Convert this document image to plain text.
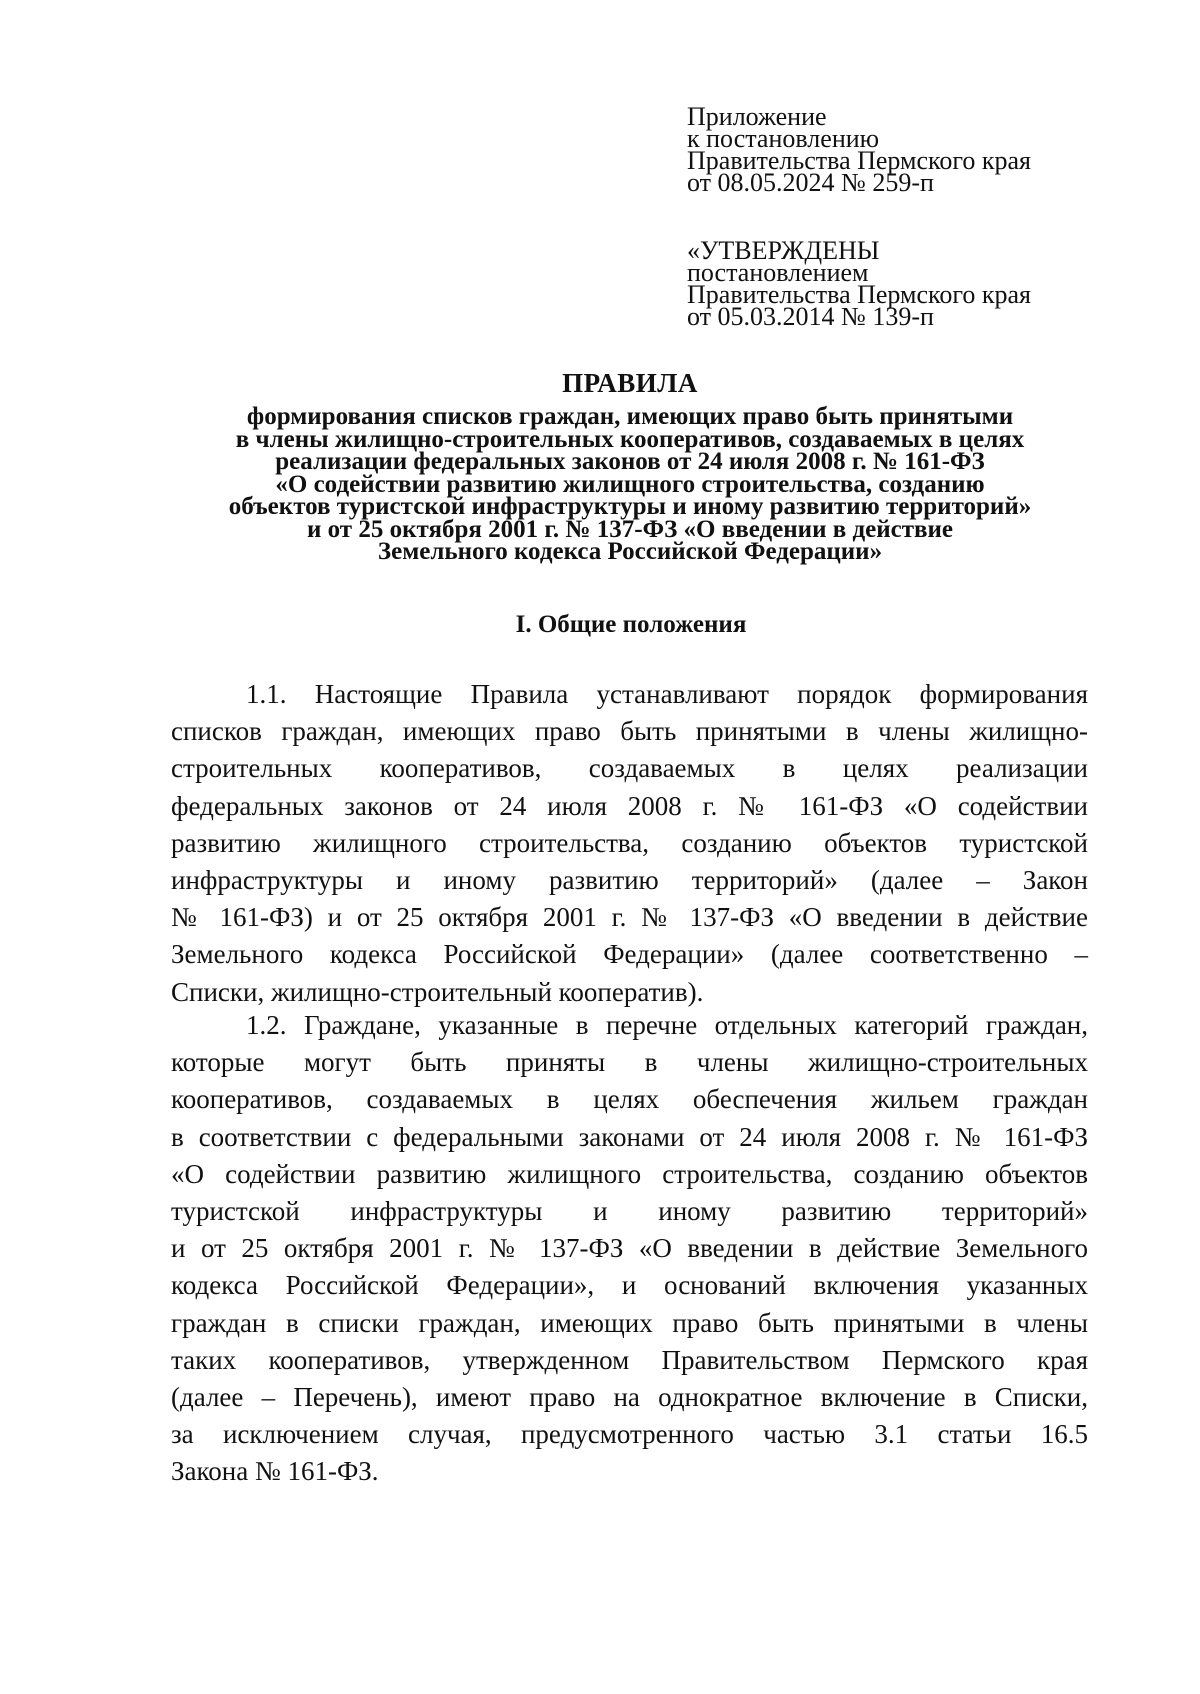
Приложение
к постановлению
Правительства Пермского края
от 08.05.2024 № 259-п
«УТВЕРЖДЕНЫ
постановлением
Правительства Пермского края
от 05.03.2014 № 139-п
ПРАВИЛА
формирования списков граждан, имеющих право быть принятыми
в члены жилищно-строительных кооперативов, создаваемых в целях
реализации федеральных законов от 24 июля 2008 г. № 161-ФЗ
«О содействии развитию жилищного строительства, созданию
объектов туристской инфраструктуры и иному развитию территорий»
и от 25 октября 2001 г. № 137-ФЗ «О введении в действие
Земельного кодекса Российской Федерации»
I. Общие положения
1.1. Настоящие Правила устанавливают порядок формирования
списков граждан, имеющих право быть принятыми в члены жилищно-
строительных кооперативов, создаваемых в целях реализации
федеральных законов от 24 июля 2008 г. № 161-ФЗ «О содействии
развитию жилищного строительства, созданию объектов туристской
инфраструктуры и иному развитию территорий» (далее – Закон
№ 161-ФЗ) и от 25 октября 2001 г. № 137-ФЗ «О введении в действие
Земельного кодекса Российской Федерации» (далее соответственно –
Списки, жилищно-строительный кооператив).
1.2. Граждане, указанные в перечне отдельных категорий граждан,
которые могут быть приняты в члены жилищно-строительных
кооперативов, создаваемых в целях обеспечения жильем граждан
в соответствии с федеральными законами от 24 июля 2008 г. № 161-ФЗ
«О содействии развитию жилищного строительства, созданию объектов
туристской инфраструктуры и иному развитию территорий»
и от 25 октября 2001 г. № 137-ФЗ «О введении в действие Земельного
кодекса Российской Федерации», и оснований включения указанных
граждан в списки граждан, имеющих право быть принятыми в члены
таких кооперативов, утвержденном Правительством Пермского края
(далее – Перечень), имеют право на однократное включение в Списки,
за исключением случая, предусмотренного частью 3.1 статьи 16.5
Закона № 161-ФЗ.
